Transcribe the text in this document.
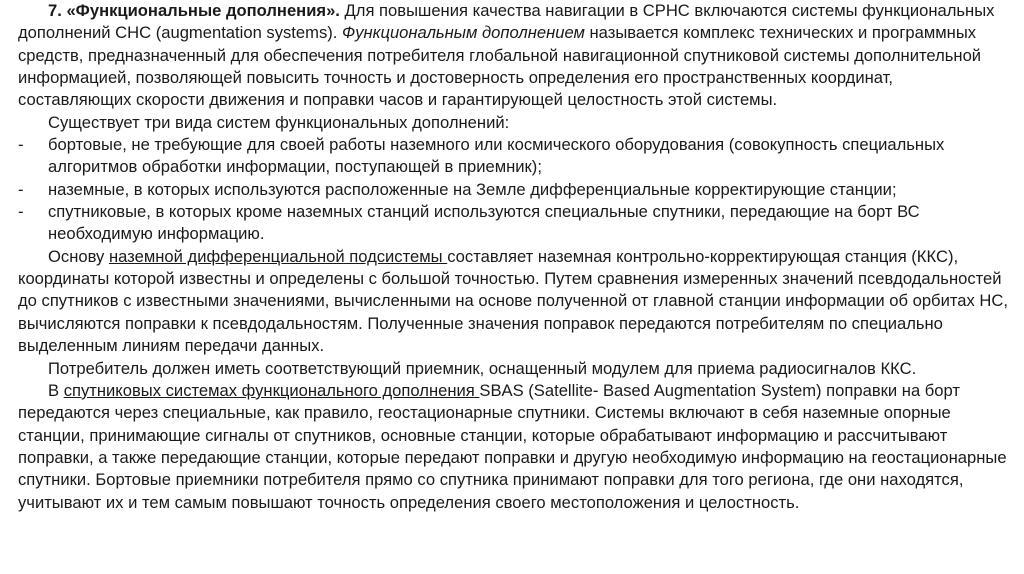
7. «Функциональные дополнения». Для повышения качества навигации в СРНС включаются системы функциональных дополнений СНС (augmentation systems). Функциональным дополнением называется комплекс технических и программных средств, предназначенный для обеспечения потребителя глобальной навигационной спутниковой системы дополнительной информацией, позволяющей повысить точность и достоверность определения его пространственных координат, составляющих скорости движения и поправки часов и гарантирующей целостность этой системы.

Существует три вида систем функциональных дополнений:

-	бортовые, не требующие для своей работы наземного или космического оборудования (совокупность специальных алгоритмов обработки информации, поступающей в приемник);
-	наземные, в которых используются расположенные на Земле дифференциальные корректирующие станции;
-	спутниковые, в которых кроме наземных станций используются специальные спутники, передающие на борт ВС необходимую информацию.

Основу наземной дифференциальной подсистемы составляет наземная контрольно-корректирующая станция (ККС), координаты которой известны и определены с большой точностью. Путем сравнения измеренных значений псевдодальностей до спутников с известными значениями, вычисленными на основе полученной от главной станции информации об орбитах НС, вычисляются поправки к псевдодальностям. Полученные значения поправок передаются потребителям по специально выделенным линиям передачи данных.

Потребитель должен иметь соответствующий приемник, оснащенный модулем для приема радиосигналов ККС.

В спутниковых системах функционального дополнения SBAS (Satellite- Based Augmentation System) поправки на борт передаются через специальные, как правило, геостационарные спутники. Системы включают в себя наземные опорные станции, принимающие сигналы от спутников, основные станции, которые обрабатывают информацию и рассчитывают поправки, а также передающие станции, которые передают поправки и другую необходимую информацию на геостационарные спутники. Бортовые приемники потребителя прямо со спутника принимают поправки для того региона, где они находятся, учитывают их и тем самым повышают точность определения своего местоположения и целостность.
